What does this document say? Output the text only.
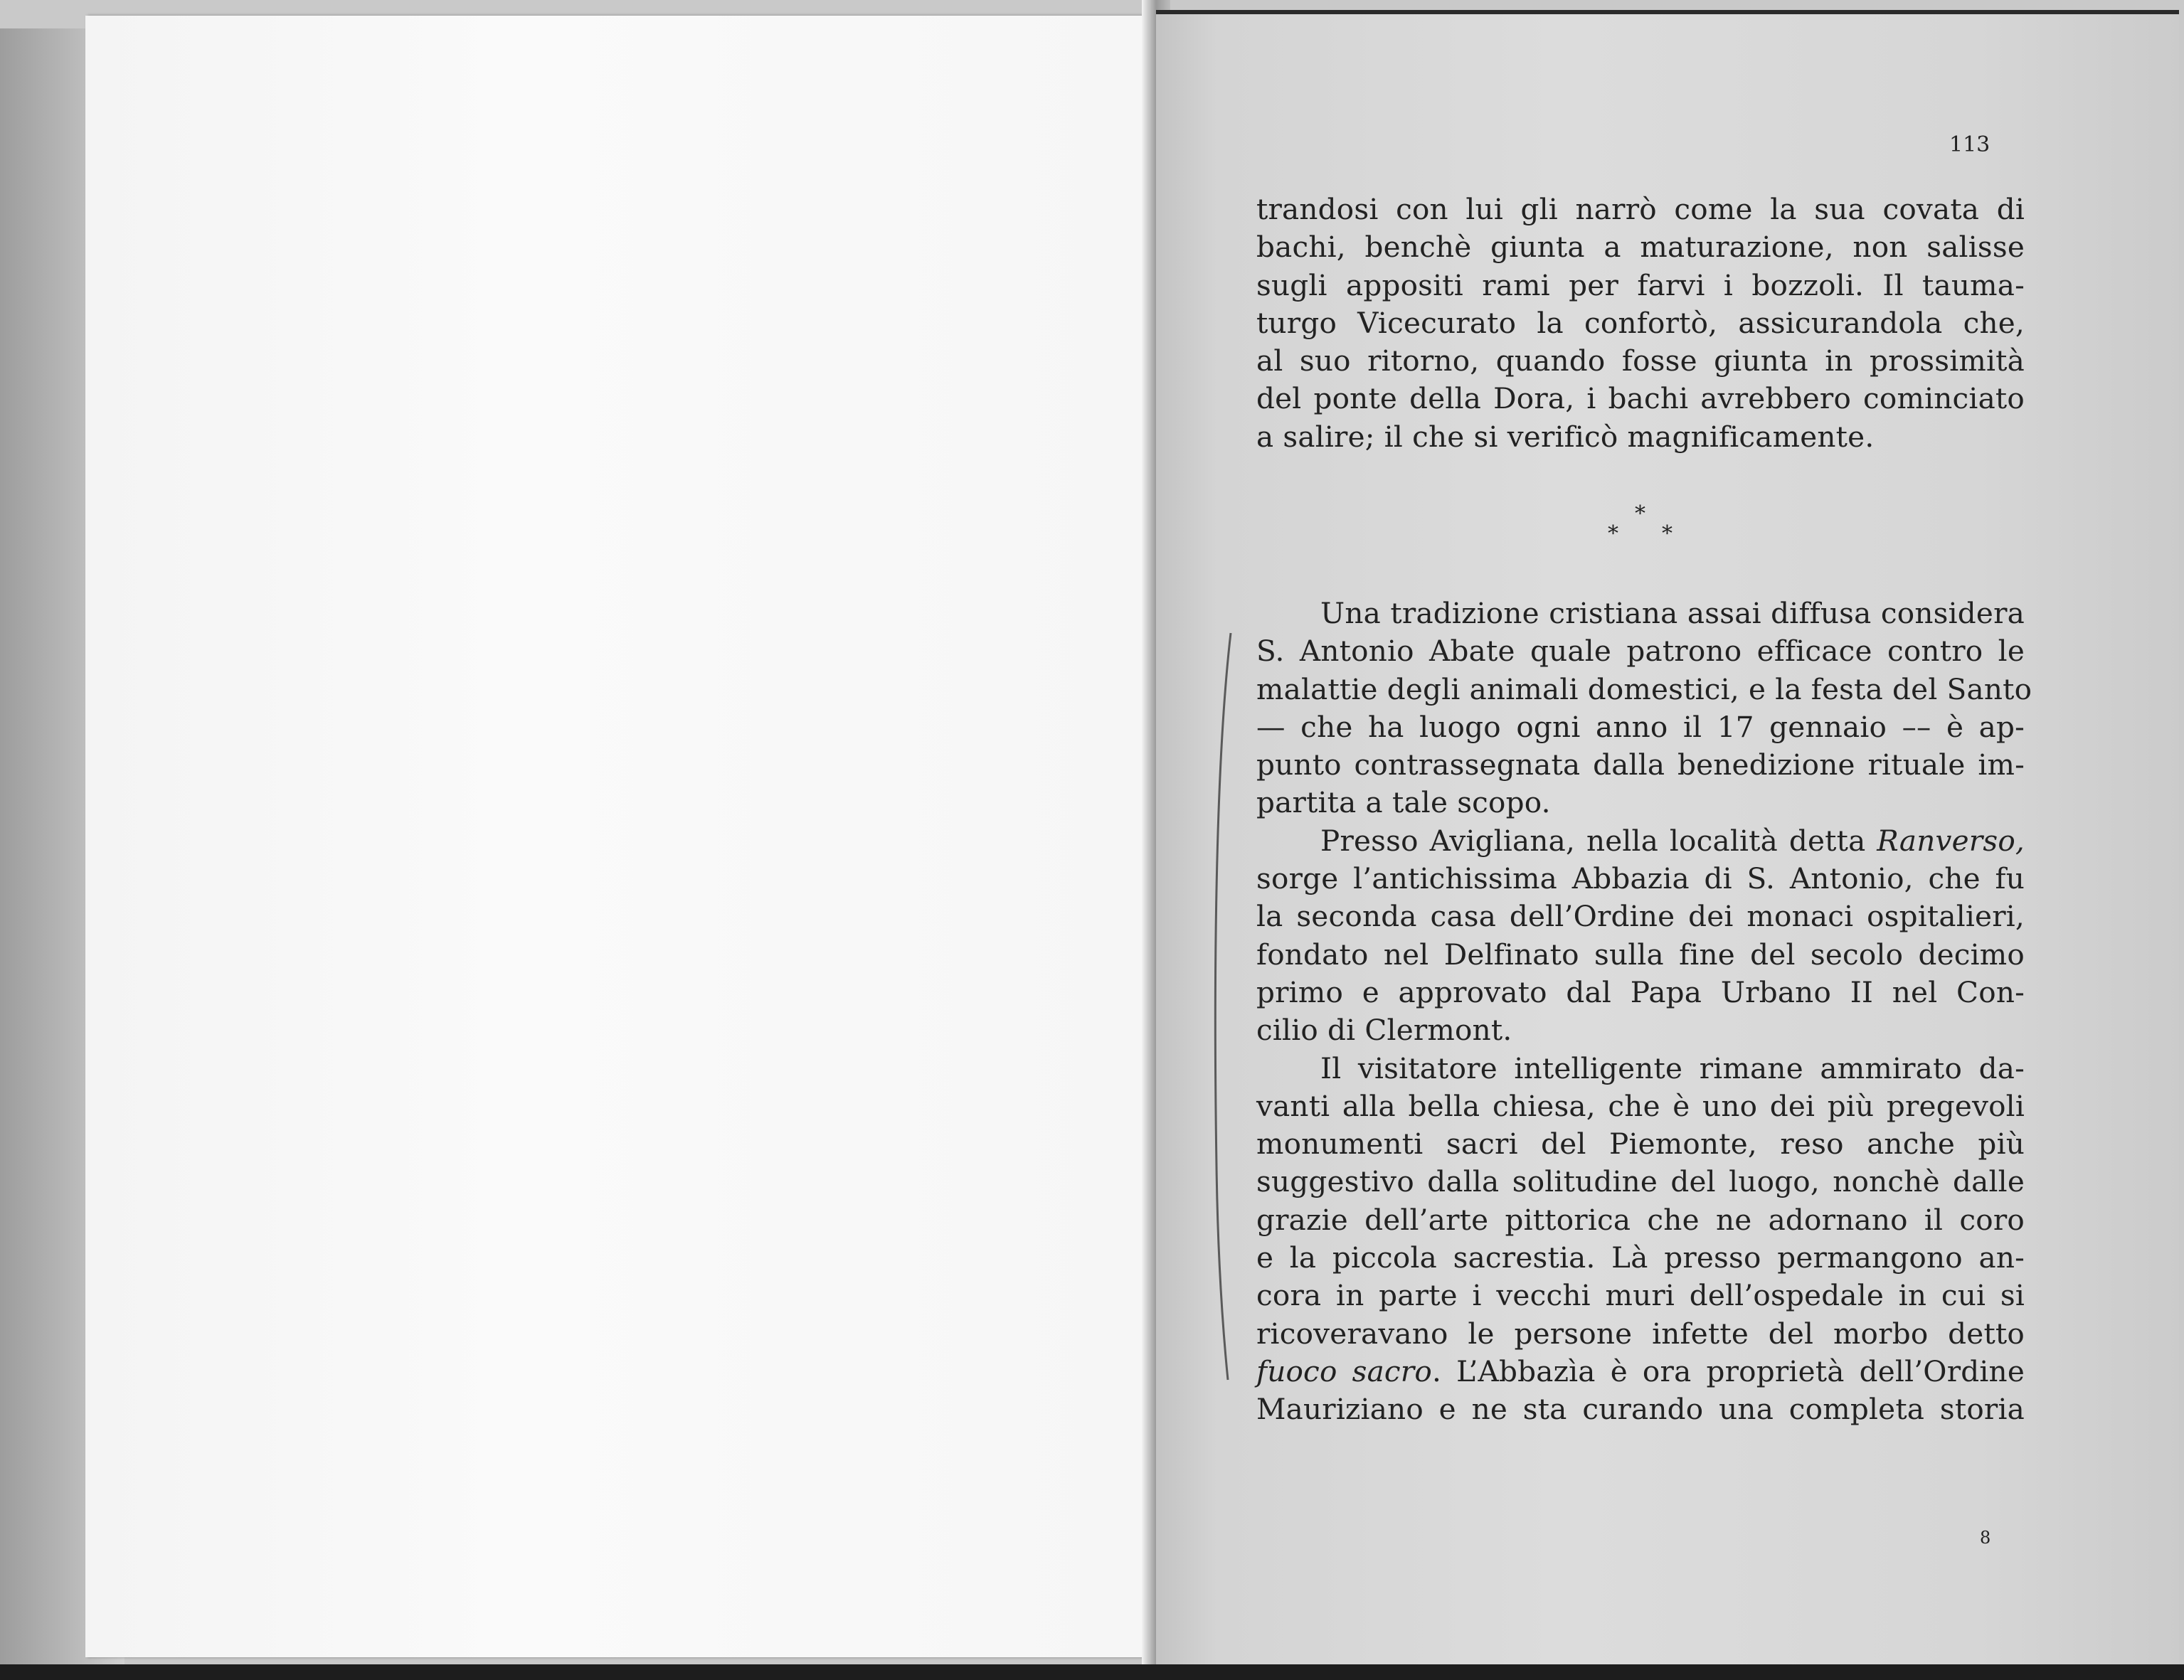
113
trandosi con lui gli narrò come la sua covata di
bachi, benchè giunta a maturazione, non salisse
sugli appositi rami per farvi i bozzoli. Il tauma-
turgo Vicecurato la confortò, assicurandola che,
al suo ritorno, quando fosse giunta in prossimità
del ponte della Dora, i bachi avrebbero cominciato
a salire; il che si verificò magnificamente.
*
* *
Una tradizione cristiana assai diffusa considera
S. Antonio Abate quale patrono efficace contro le
malattie degli animali domestici, e la festa del Santo
— che ha luogo ogni anno il 17 gennaio –– è ap-
punto contrassegnata dalla benedizione rituale im-
partita a tale scopo.
Presso Avigliana, nella località detta Ranverso,
sorge l’antichissima Abbazia di S. Antonio, che fu
la seconda casa dell’Ordine dei monaci ospitalieri,
fondato nel Delfinato sulla fine del secolo decimo
primo e approvato dal Papa Urbano II nel Con-
cilio di Clermont.
Il visitatore intelligente rimane ammirato da-
vanti alla bella chiesa, che è uno dei più pregevoli
monumenti sacri del Piemonte, reso anche più
suggestivo dalla solitudine del luogo, nonchè dalle
grazie dell’arte pittorica che ne adornano il coro
e la piccola sacrestia. Là presso permangono an-
cora in parte i vecchi muri dell’ospedale in cui si
ricoveravano le persone infette del morbo detto
fuoco sacro. L’Abbazìa è ora proprietà dell’Ordine
Mauriziano e ne sta curando una completa storia
8
